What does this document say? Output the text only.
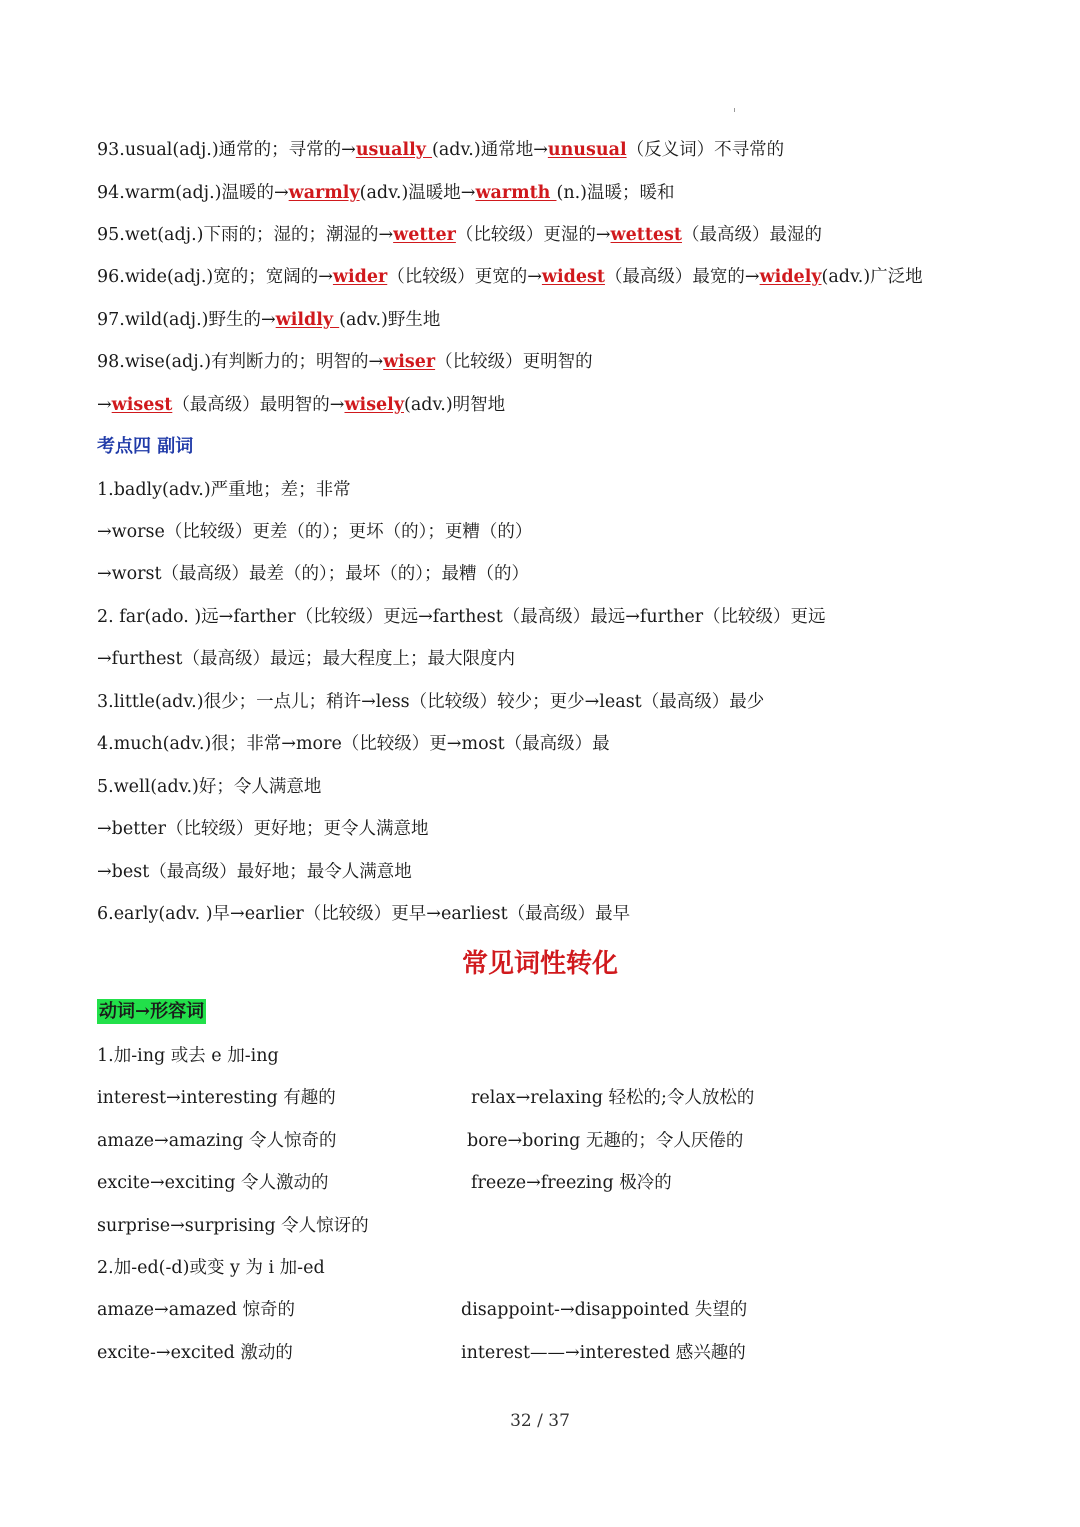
93.usual(adj.)通常的；寻常的→usually (adv.)通常地→unusual（反义词）不寻常的
94.warm(adj.)温暖的→warmly(adv.)温暖地→warmth (n.)温暖；暖和
95.wet(adj.)下雨的；湿的；潮湿的→wetter（比较级）更湿的→wettest（最高级）最湿的
96.wide(adj.)宽的；宽阔的→wider（比较级）更宽的→widest（最高级）最宽的→widely(adv.)广泛地
97.wild(adj.)野生的→wildly (adv.)野生地
98.wise(adj.)有判断力的；明智的→wiser（比较级）更明智的
→wisest（最高级）最明智的→wisely(adv.)明智地
考点四 副词
1.badly(adv.)严重地；差；非常
→worse（比较级）更差（的）；更坏（的）；更糟（的）
→worst（最高级）最差（的）；最坏（的）；最糟（的）
2. far(ado. )远→farther（比较级）更远→farthest（最高级）最远→further（比较级）更远
→furthest（最高级）最远；最大程度上；最大限度内
3.little(adv.)很少；一点儿；稍许→less（比较级）较少；更少→least（最高级）最少
4.much(adv.)很；非常→more（比较级）更→most（最高级）最
5.well(adv.)好；令人满意地
→better（比较级）更好地；更令人满意地
→best（最高级）最好地；最令人满意地
6.early(adv. )早→earlier（比较级）更早→earliest（最高级）最早
常见词性转化
动词→形容词
1.加-ing 或去 e 加-ing
interest→interesting 有趣的	relax→relaxing 轻松的;令人放松的
amaze→amazing 令人惊奇的	bore→boring 无趣的；令人厌倦的
excite→exciting 令人激动的	freeze→freezing 极冷的
surprise→surprising 令人惊讶的
2.加-ed(-d)或变 y 为 i 加-ed
amaze→amazed 惊奇的	disappoint-→disappointed 失望的
excite-→excited 激动的	interest——→interested 感兴趣的
32 / 37
